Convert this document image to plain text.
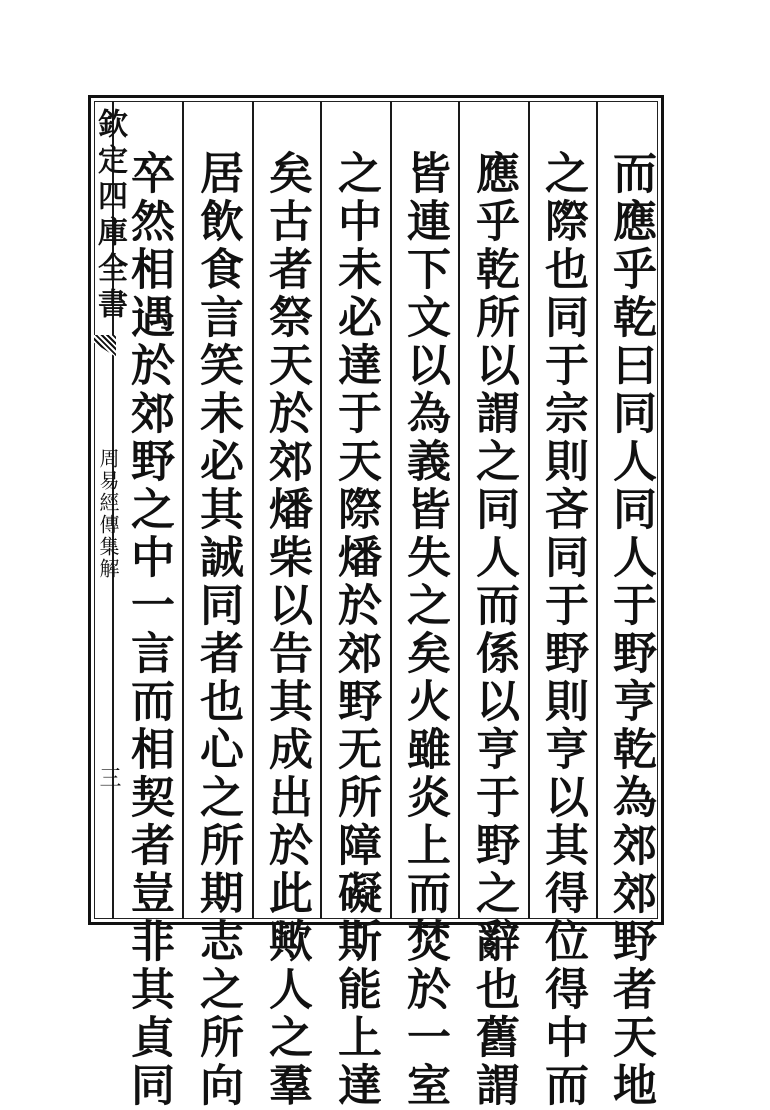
欽定四庫全書
周易經傳集解
三	而應乎乾曰同人同人于野亨乾為郊郊野者天地
之際也同于宗則吝同于野則亨以其得位得中而
應乎乾所以謂之同人而係以亨于野之辭也舊謂
皆連下文以為義皆失之矣火雖炎上而焚於一室
之中未必達于天際燔於郊野无所障礙斯能上達
矣古者祭天於郊燔柴以告其成出於此歟人之羣
居飲食言笑未必其誠同者也心之所期志之所向
卒然相遇於郊野之中一言而相契者豈非其貞同
